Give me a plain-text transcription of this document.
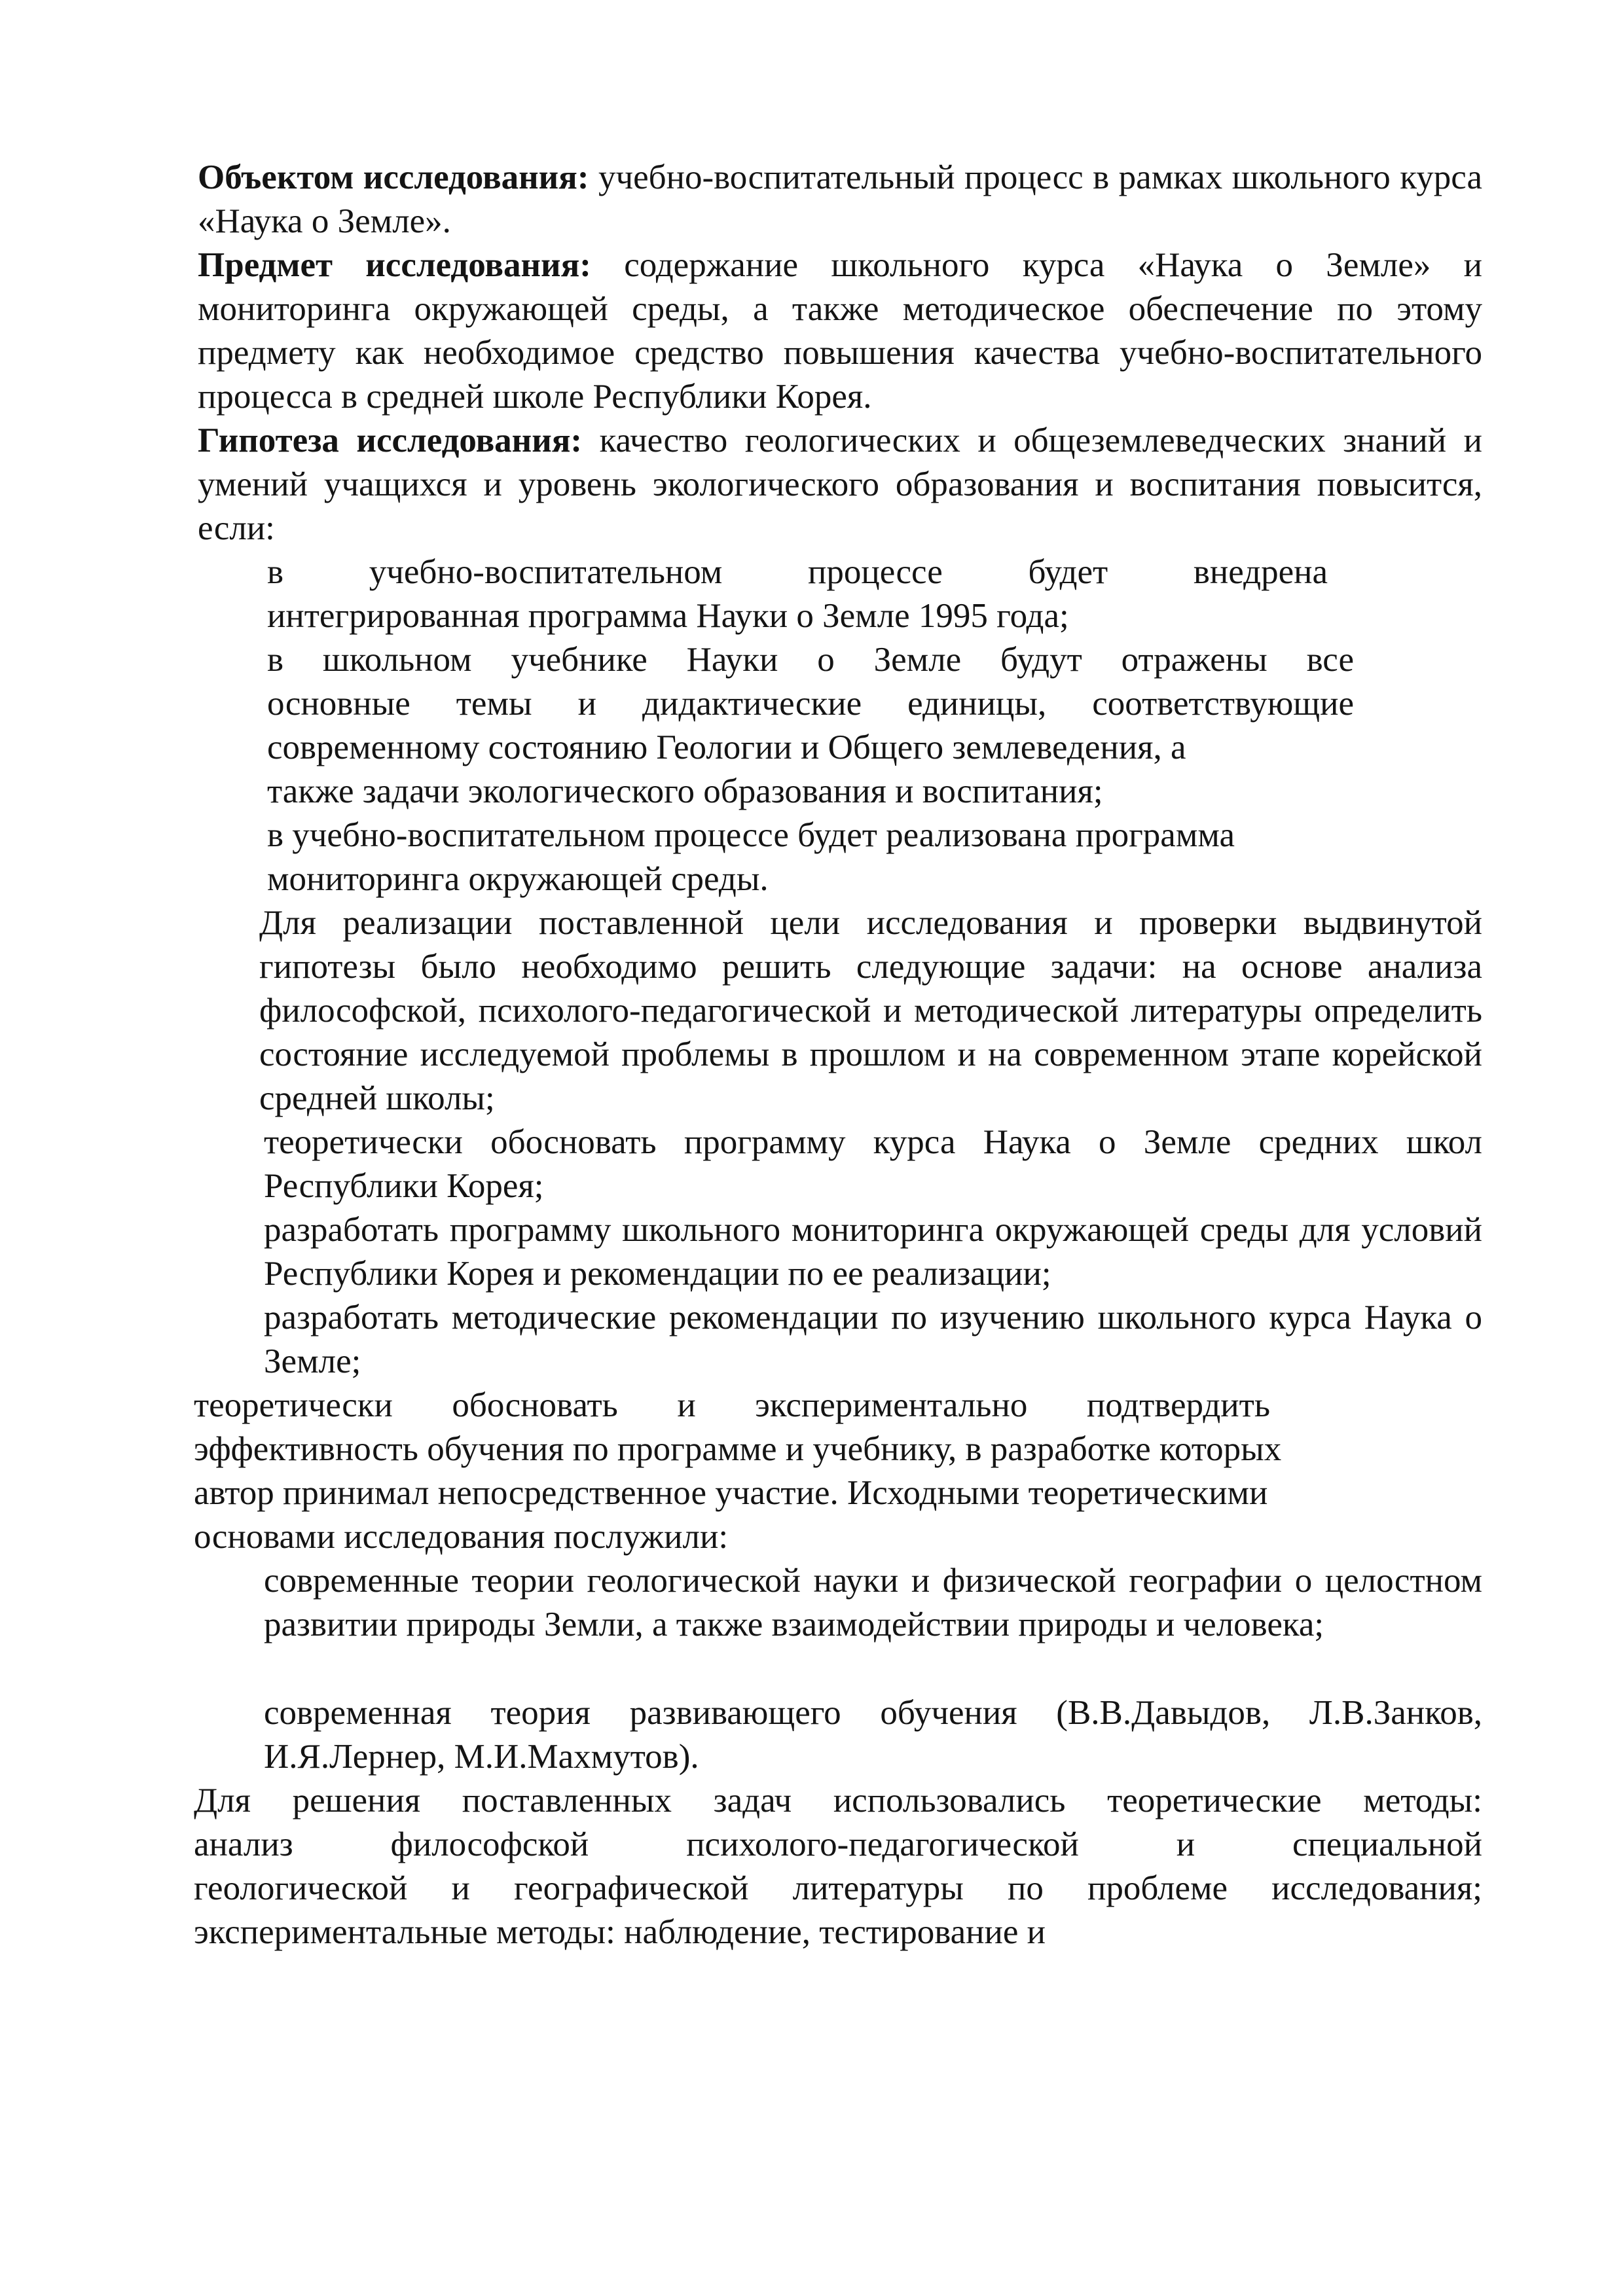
Объектом исследования: учебно-воспитательный процесс в рамках школьного курса «Наука о Земле».

Предмет исследования: содержание школьного курса «Наука о Земле» и мониторинга окружающей среды, а также методическое обеспечение по этому предмету как необходимое средство повышения качества учебно-воспитательного процесса в средней школе Республики Корея.

Гипотеза исследования: качество геологических и общеземлеведческих знаний и умений учащихся и уровень экологического образования и воспитания повысится, если:

в учебно-воспитательном процессе будет внедрена
интегрированная программа Науки о Земле 1995 года;
в школьном учебнике Науки о Земле будут отражены все
основные темы и дидактические единицы, соответствующие
современному состоянию Геологии и Общего землеведения, а
также задачи экологического образования и воспитания;
в учебно-воспитательном процессе будет реализована программа
мониторинга окружающей среды.

Для реализации поставленной цели исследования и проверки выдвинутой гипотезы было необходимо решить следующие задачи: на основе анализа философской, психолого-педагогической и методической литературы определить состояние исследуемой проблемы в прошлом и на современном этапе корейской средней школы;

теоретически обосновать программу курса Наука о Земле средних школ Республики Корея;

разработать программу школьного мониторинга окружающей среды для условий Республики Корея и рекомендации по ее реализации;

разработать методические рекомендации по изучению школьного курса Наука о Земле;

теоретически обосновать и экспериментально подтвердить
эффективность обучения по программе и учебнику, в разработке которых
автор принимал непосредственное участие. Исходными теоретическими
основами исследования послужили:

современные теории геологической науки и физической географии о целостном развитии природы Земли, а также взаимодействии природы и человека;

современная теория развивающего обучения (В.В.Давыдов, Л.В.Занков, И.Я.Лернер, М.И.Махмутов).

Для решения поставленных задач использовались теоретические методы:
анализ философской психолого-педагогической и специальной
геологической и географической литературы по проблеме исследования;
экспериментальные методы: наблюдение, тестирование и
